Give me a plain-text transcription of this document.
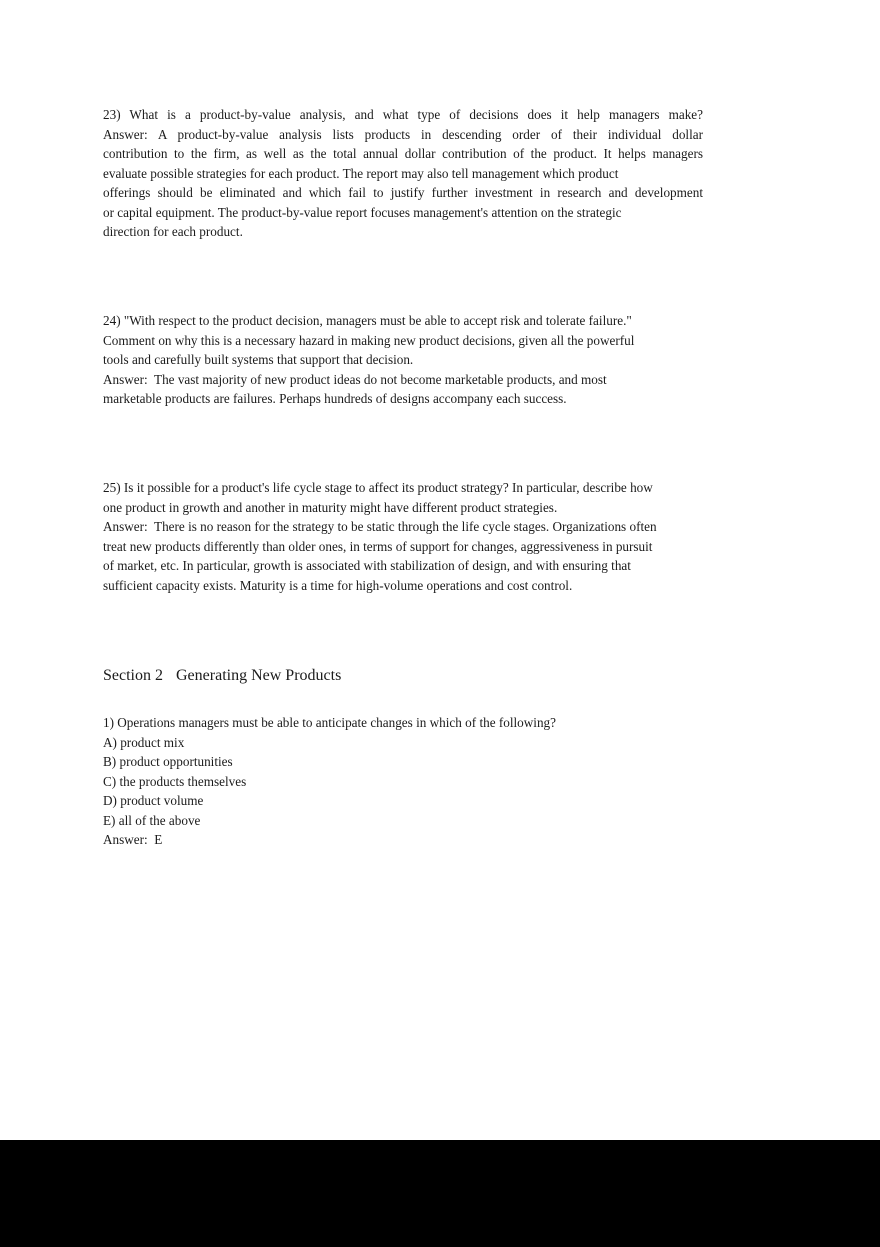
23) What is a product-by-value analysis, and what type of decisions does it help managers make?
Answer: A product-by-value analysis lists products in descending order of their individual dollar
contribution to the firm, as well as the total annual dollar contribution of the product. It helps managers
evaluate possible strategies for each product. The report may also tell management which product
offerings should be eliminated and which fail to justify further investment in research and development
or capital equipment. The product-by-value report focuses management's attention on the strategic
direction for each product.
24) "With respect to the product decision, managers must be able to accept risk and tolerate failure."
Comment on why this is a necessary hazard in making new product decisions, given all the powerful
tools and carefully built systems that support that decision.
Answer:  The vast majority of new product ideas do not become marketable products, and most
marketable products are failures. Perhaps hundreds of designs accompany each success.
25) Is it possible for a product's life cycle stage to affect its product strategy? In particular, describe how
one product in growth and another in maturity might have different product strategies.
Answer:  There is no reason for the strategy to be static through the life cycle stages. Organizations often
treat new products differently than older ones, in terms of support for changes, aggressiveness in pursuit
of market, etc. In particular, growth is associated with stabilization of design, and with ensuring that
sufficient capacity exists. Maturity is a time for high-volume operations and cost control.
Section 2 Generating New Products
1) Operations managers must be able to anticipate changes in which of the following?
A) product mix
B) product opportunities
C) the products themselves
D) product volume
E) all of the above
Answer:  E
